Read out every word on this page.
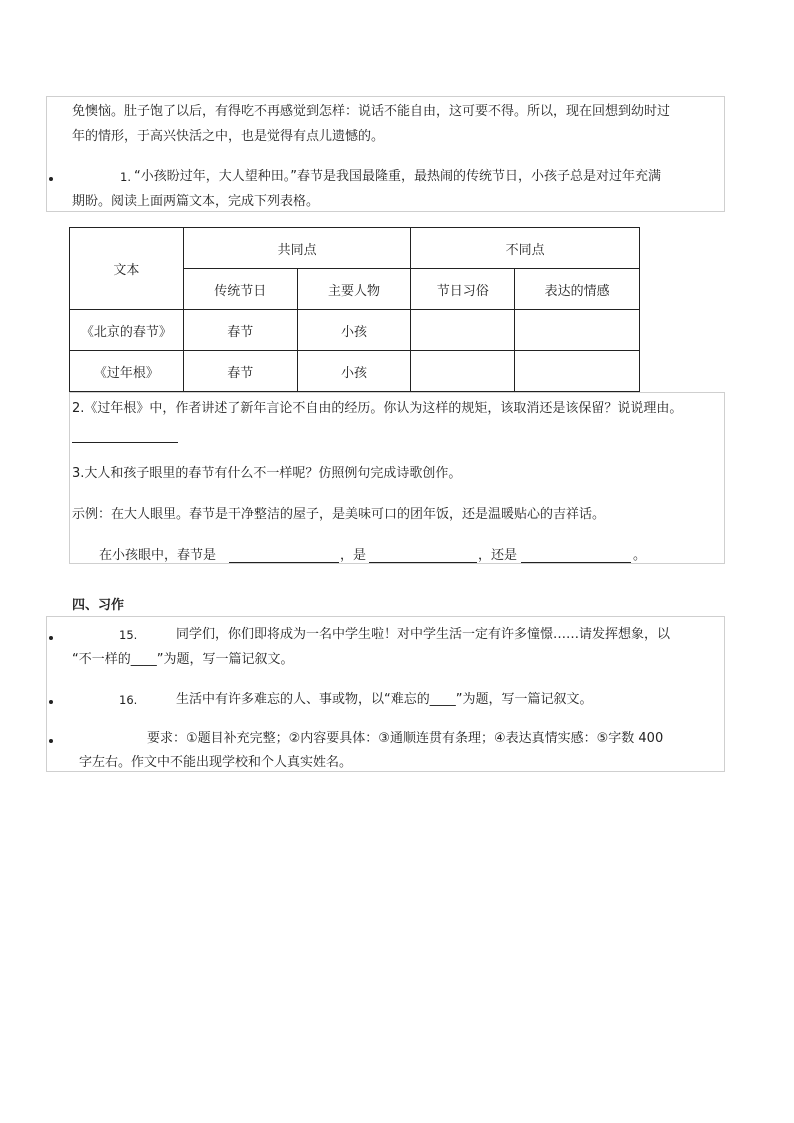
免懊恼。肚子饱了以后，有得吃不再感觉到怎样：说话不能自由，这可要不得。所以，现在回想到幼时过
年的情形，于高兴快活之中，也是觉得有点儿遗憾的。
1. “小孩盼过年，大人望种田。”春节是我国最隆重，最热闹的传统节日，小孩子总是对过年充满
期盼。阅读上面两篇文本，完成下列表格。
文本	共同点		不同点	
	传统节日	主要人物	节日习俗	表达的情感
《北京的春节》	春节	小孩		
《过年根》	春节	小孩		
2.《过年根》中，作者讲述了新年言论不自由的经历。你认为这样的规矩，该取消还是该保留？说说理由。
3.大人和孩子眼里的春节有什么不一样呢？仿照例句完成诗歌创作。
示例：在大人眼里。春节是干净整洁的屋子，是美味可口的团年饭，还是温暖贴心的吉祥话。
在小孩眼中，春节是	，是	，还是	。
四、习作
15.	同学们，你们即将成为一名中学生啦！对中学生活一定有许多憧憬……请发挥想象，以
“不一样的____”为题，写一篇记叙文。
16.	生活中有许多难忘的人、事或物，以“难忘的____”为题，写一篇记叙文。
要求：①题目补充完整；②内容要具体：③通顺连贯有条理；④表达真情实感：⑤字数 400
字左右。作文中不能出现学校和个人真实姓名。
